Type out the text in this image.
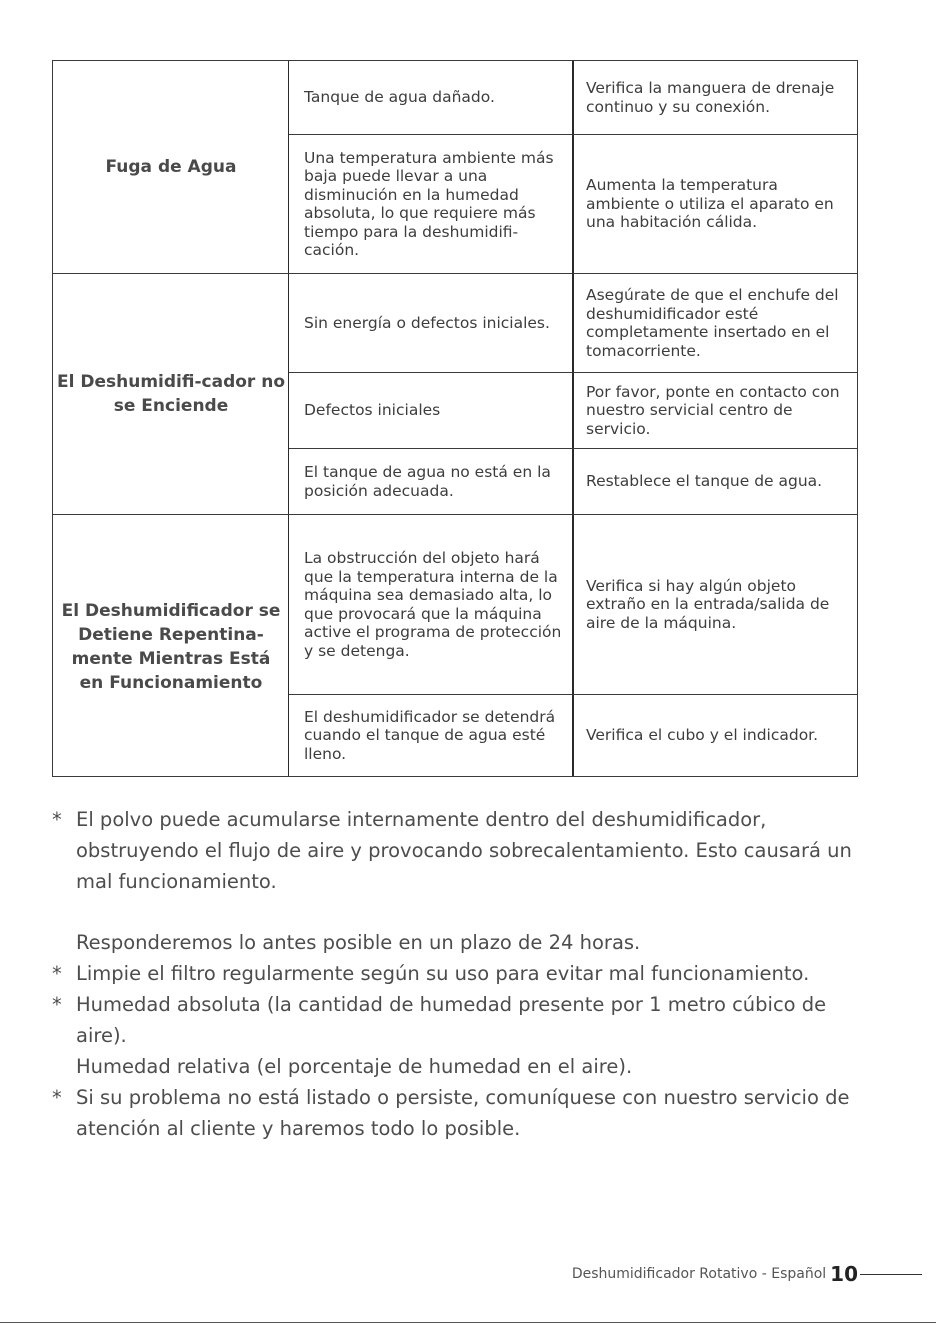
Fuga de Agua
Tanque de agua dañado.
Verifica la manguera de drenaje continuo y su conexión.
Una temperatura ambiente más baja puede llevar a una disminución en la humedad absoluta, lo que requiere más tiempo para la deshumidifi-cación.
Aumenta la temperatura ambiente o utiliza el aparato en una habitación cálida.
El Deshumidifi-cador no se Enciende
Sin energía o defectos iniciales.
Asegúrate de que el enchufe del deshumidificador esté completamente insertado en el tomacorriente.
Defectos iniciales
Por favor, ponte en contacto con nuestro servicial centro de servicio.
El tanque de agua no está en la posición adecuada.
Restablece el tanque de agua.
El Deshumidificador se Detiene Repentina-mente Mientras Está en Funcionamiento
La obstrucción del objeto hará que la temperatura interna de la máquina sea demasiado alta, lo que provocará que la máquina active el programa de protección y se detenga.
Verifica si hay algún objeto extraño en la entrada/salida de aire de la máquina.
El deshumidificador se detendrá cuando el tanque de agua esté lleno.
Verifica el cubo y el indicador.
* El polvo puede acumularse internamente dentro del deshumidificador, obstruyendo el flujo de aire y provocando sobrecalentamiento. Esto causará un mal funcionamiento.
Responderemos lo antes posible en un plazo de 24 horas.
* Limpie el filtro regularmente según su uso para evitar mal funcionamiento.
* Humedad absoluta (la cantidad de humedad presente por 1 metro cúbico de aire).
Humedad relativa (el porcentaje de humedad en el aire).
* Si su problema no está listado o persiste, comuníquese con nuestro servicio de atención al cliente y haremos todo lo posible.
Deshumidificador Rotativo - Español 10
